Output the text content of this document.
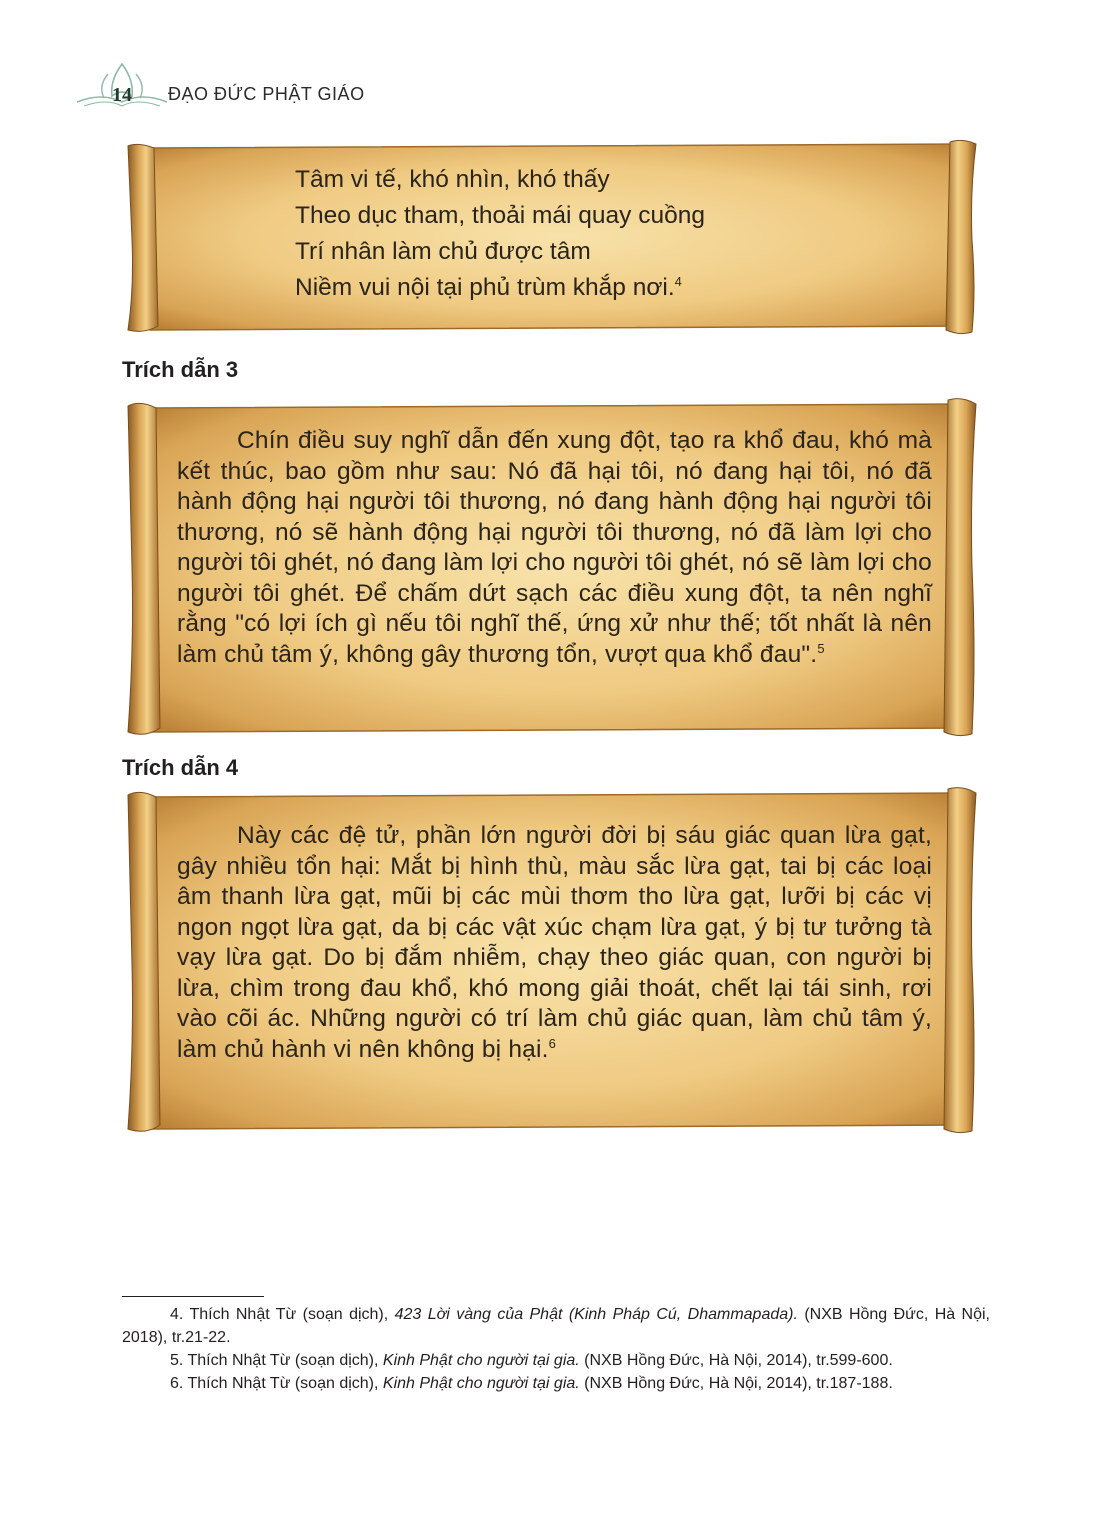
14 ĐẠO ĐỨC PHẬT GIÁO

Tâm vi tế, khó nhìn, khó thấy

Theo dục tham, thoải mái quay cuồng

Trí nhân làm chủ được tâm

Niềm vui nội tại phủ trùm khắp nơi.$^4$

Trích dẫn 3

Chín điều suy nghĩ dẫn đến xung đột, tạo ra khổ đau, khó mà kết thúc, bao gồm như sau: Nó đã hại tôi, nó đang hại tôi, nó đã hành động hại người tôi thương, nó đang hành động hại người tôi thương, nó sẽ hành động hại người tôi thương, nó đã làm lợi cho người tôi ghét, nó đang làm lợi cho người tôi ghét, nó sẽ làm lợi cho người tôi ghét. Để chấm dứt sạch các điều xung đột, ta nên nghĩ rằng "có lợi ích gì nếu tôi nghĩ thế, ứng xử như thế; tốt nhất là nên làm chủ tâm ý, không gây thương tổn, vượt qua khổ đau".$^5$

Trích dẫn 4

Này các đệ tử, phần lớn người đời bị sáu giác quan lừa gạt, gây nhiều tổn hại: Mắt bị hình thù, màu sắc lừa gạt, tai bị các loại âm thanh lừa gạt, mũi bị các mùi thơm tho lừa gạt, lưỡi bị các vị ngon ngọt lừa gạt, da bị các vật xúc chạm lừa gạt, ý bị tư tưởng tà vạy lừa gạt. Do bị đắm nhiễm, chạy theo giác quan, con người bị lừa, chìm trong đau khổ, khó mong giải thoát, chết lại tái sinh, rơi vào cõi ác. Những người có trí làm chủ giác quan, làm chủ tâm ý, làm chủ hành vi nên không bị hại.$^6$

4. Thích Nhật Từ (soạn dịch), 423 Lời vàng của Phật (Kinh Pháp Cú, Dhammapada). (NXB Hồng Đức, Hà Nội, 2018), tr.21-22.

5. Thích Nhật Từ (soạn dịch), Kinh Phật cho người tại gia. (NXB Hồng Đức, Hà Nội, 2014), tr.599-600.

6. Thích Nhật Từ (soạn dịch), Kinh Phật cho người tại gia. (NXB Hồng Đức, Hà Nội, 2014), tr.187-188.
